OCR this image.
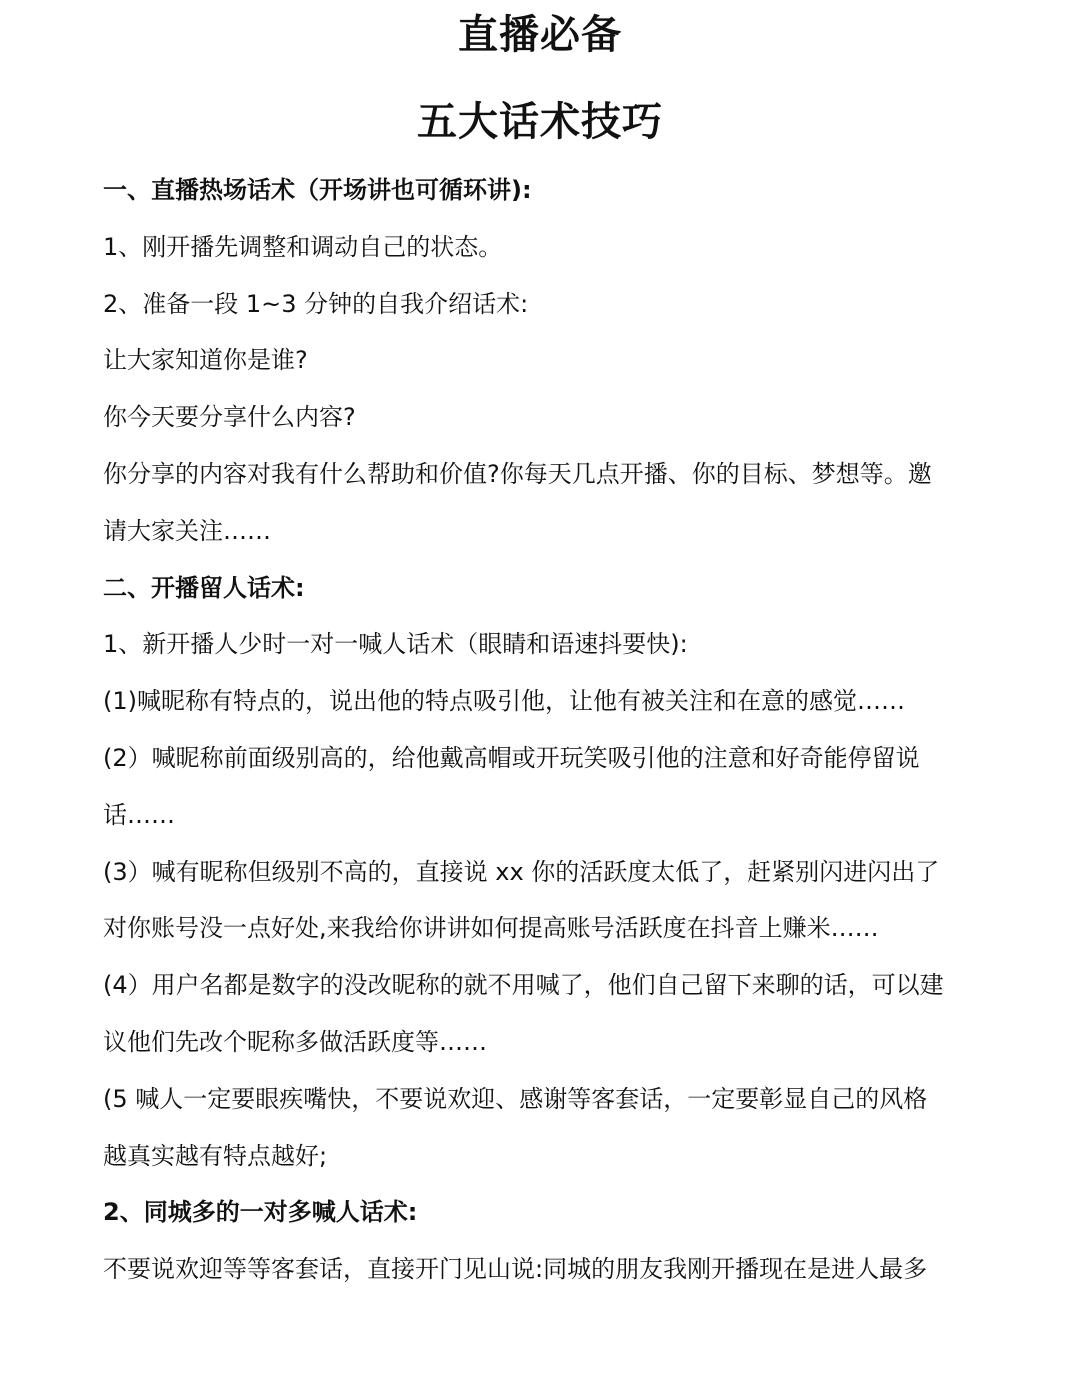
直播必备
五大话术技巧
一、直播热场话术（开场讲也可循环讲):
1、刚开播先调整和调动自己的状态。
2、准备一段 1~3 分钟的自我介绍话术:
让大家知道你是谁?
你今天要分享什么内容?
你分享的内容对我有什么帮助和价值?你每天几点开播、你的目标、梦想等。邀
请大家关注……
二、开播留人话术:
1、新开播人少时一对一喊人话术（眼睛和语速抖要快):
(1)喊昵称有特点的，说出他的特点吸引他，让他有被关注和在意的感觉……
(2）喊昵称前面级别高的，给他戴高帽或开玩笑吸引他的注意和好奇能停留说
话……
(3）喊有昵称但级别不高的，直接说 xx 你的活跃度太低了，赶紧别闪进闪出了
对你账号没一点好处,来我给你讲讲如何提高账号活跃度在抖音上赚米……
(4）用户名都是数字的没改昵称的就不用喊了，他们自己留下来聊的话，可以建
议他们先改个昵称多做活跃度等……
(5 喊人一定要眼疾嘴快，不要说欢迎、感谢等客套话，一定要彰显自己的风格
越真实越有特点越好;
2、同城多的一对多喊人话术:
不要说欢迎等等客套话，直接开门见山说:同城的朋友我刚开播现在是进人最多
